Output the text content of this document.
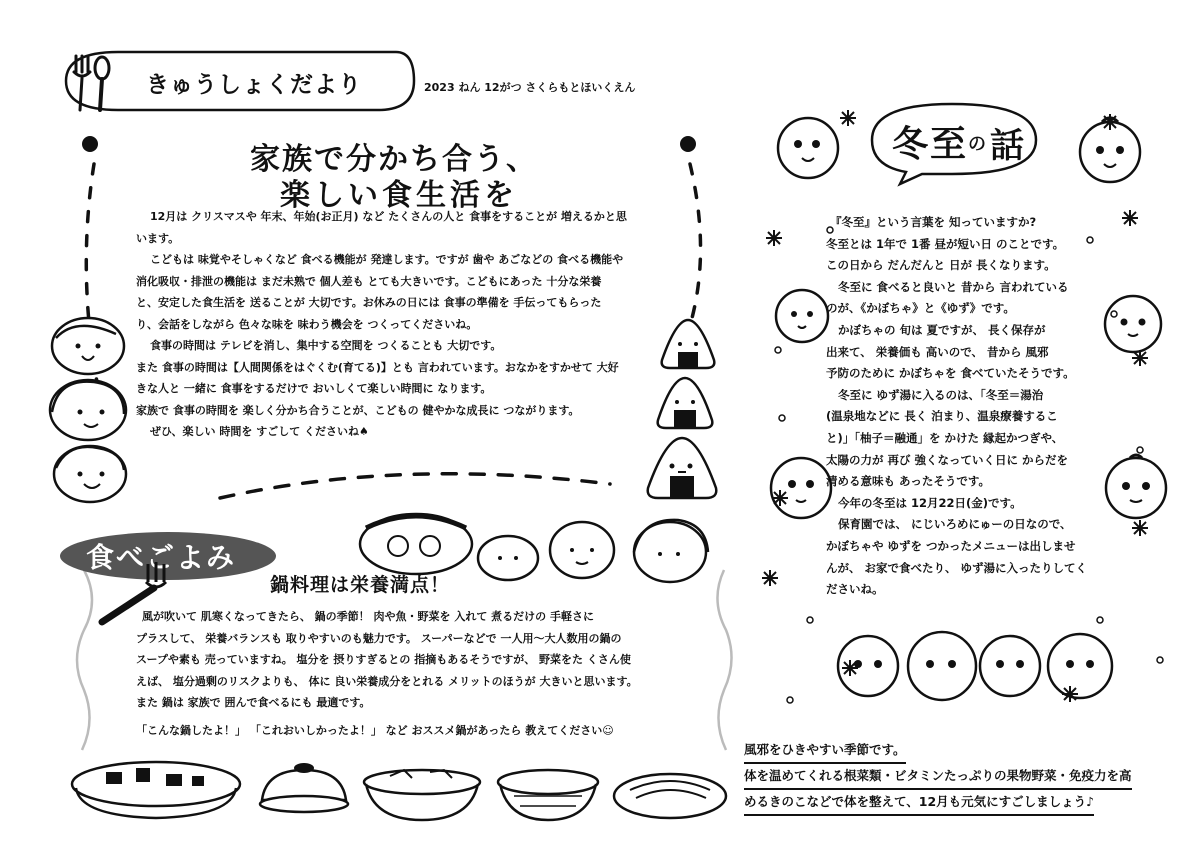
きゅうしょくだより	2023 ねん 12がつ さくらもとほいくえん
家族で分かち合う、
楽しい食生活を

12月は クリスマスや 年末、年始(お正月) など たくさんの人と 食事をすることが 増えるかと思

います。

こどもは 味覚やそしゃくなど 食べる機能が 発達します。ですが 歯や あごなどの 食べる機能や

消化吸収・排泄の機能は まだ未熟で 個人差も とても大きいです。こどもにあった 十分な栄養

と、安定した食生活を 送ることが 大切です。お休みの日には 食事の準備を 手伝ってもらった

り、会話をしながら 色々な味を 味わう機会を つくってくださいね。

食事の時間は テレビを消し、集中する空間を つくることも 大切です。

また 食事の時間は【人間関係をはぐくむ(育てる)】とも 言われています。おなかをすかせて 大好

きな人と 一緒に 食事をするだけで おいしくて楽しい時間に なります。

家族で 食事の時間を 楽しく分かち合うことが、こどもの 健やかな成長に つながります。

ぜひ、楽しい 時間を すごして くださいね♠

食べごよみ
鍋料理は栄養満点！

風が吹いて 肌寒くなってきたら、 鍋の季節！ 肉や魚・野菜を 入れて 煮るだけの 手軽さに

プラスして、 栄養バランスも 取りやすいのも魅力です。 スーパーなどで 一人用～大人数用の鍋の

スープや素も 売っていますね。 塩分を 摂りすぎるとの 指摘もあるそうですが、 野菜をた くさん使

えば、 塩分過剰のリスクよりも、 体に 良い栄養成分をとれる メリットのほうが 大きいと思います。

また 鍋は 家族で 囲んで食べるにも 最適です。

「こんな鍋したよ！」 「これおいしかったよ！」 など おススメ鍋があったら 教えてください☺

冬至 の 話

『冬至』という言葉を 知っていますか?

冬至とは 1年で 1番 昼が短い日 のことです。

この日から だんだんと 日が 長くなります。

冬至に 食べると良いと 昔から 言われている

のが、《かぼちゃ》と《ゆず》です。

かぼちゃの 旬は 夏ですが、 長く保存が

出来て、 栄養価も 高いので、 昔から 風邪

予防のために かぼちゃを 食べていたそうです。

冬至に ゆず湯に入るのは、「冬至＝湯治

(温泉地などに 長く 泊まり、温泉療養するこ

と)」「柚子＝融通」を かけた 縁起かつぎや、

太陽の力が 再び 強くなっていく日に からだを

清める意味も あったそうです。

今年の冬至は 12月22日(金)です。

保育園では、 にじいろめにゅーの日なので、

かぼちゃや ゆずを つかったメニューは出しませ

んが、 お家で食べたり、 ゆず湯に入ったりしてく

ださいね。

風邪をひきやすい季節です。
体を温めてくれる根菜類・ビタミンたっぷりの果物野菜・免疫力を高
めるきのこなどで体を整えて、12月も元気にすごしましょう♪
